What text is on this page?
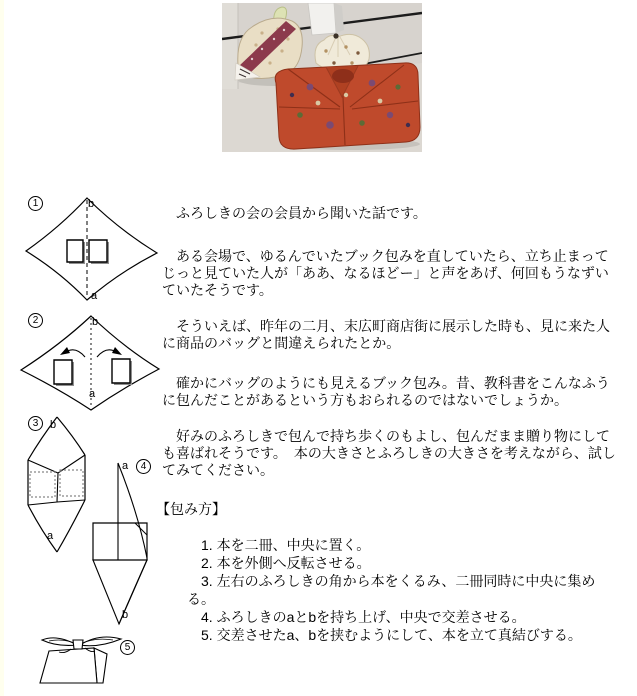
1	b
a
2	b
a
3	b
a
4
a
b
5

　ふろしきの会の会員から聞いた話です。

　ある会場で、ゆるんでいたブック包みを直していたら、立ち止まってじっと見ていた人が「ああ、なるほどー」と声をあげ、何回もうなずいていたそうです。

　そういえば、昨年の二月、末広町商店街に展示した時も、見に来た人に商品のバッグと間違えられたとか。

　確かにバッグのようにも見えるブック包み。昔、教科書をこんなふうに包んだことがあるという方もおられるのではないでしょうか。

　好みのふろしきで包んで持ち歩くのもよし、包んだまま贈り物にしても喜ばれそうです。　本の大きさとふろしきの大きさを考えながら、試してみてください。

【包み方】
1. 本を二冊、中央に置く。
2. 本を外側へ反転させる。
3. 左右のふろしきの角から本をくるみ、二冊同時に中央に集める。
4. ふろしきのaとbを持ち上げ、中央で交差させる。
5. 交差させたa、bを挟むようにして、本を立て真結びする。
